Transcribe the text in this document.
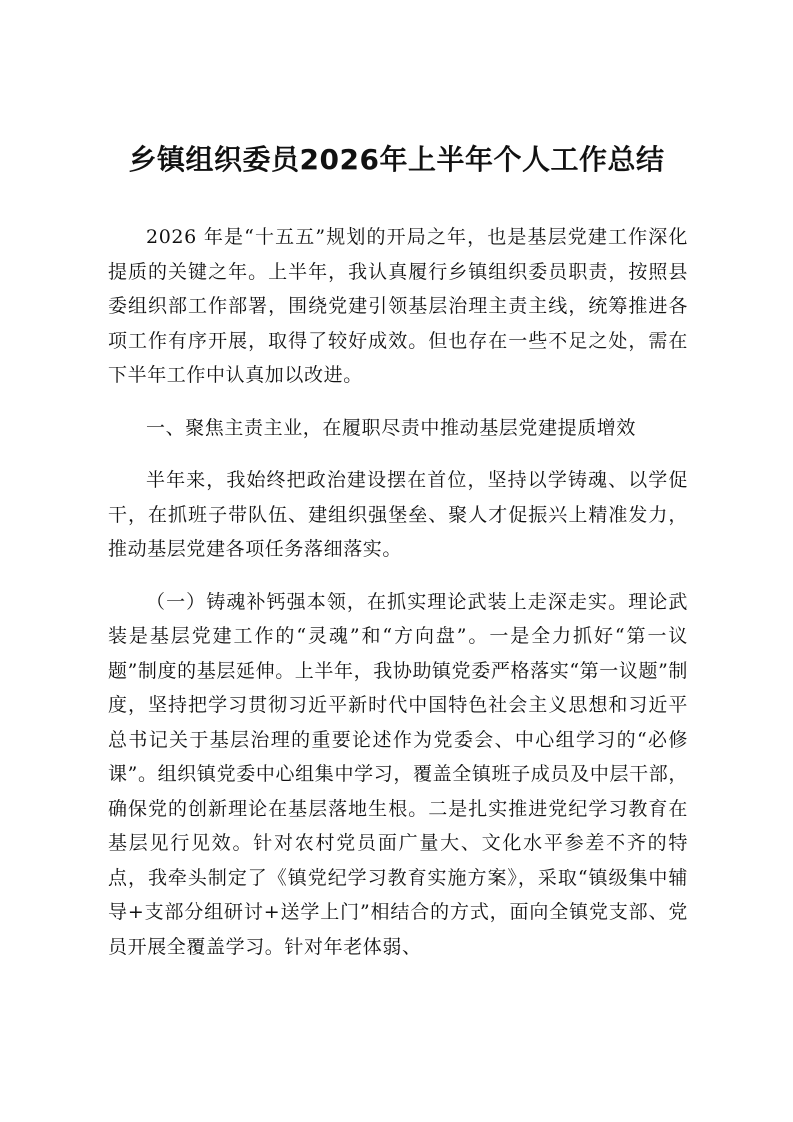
乡镇组织委员2026年上半年个人工作总结

2026 年是“十五五”规划的开局之年，也是基层党建工作深化提质的关键之年。上半年，我认真履行乡镇组织委员职责，按照县委组织部工作部署，围绕党建引领基层治理主责主线，统筹推进各项工作有序开展，取得了较好成效。但也存在一些不足之处，需在下半年工作中认真加以改进。

一、聚焦主责主业，在履职尽责中推动基层党建提质增效

半年来，我始终把政治建设摆在首位，坚持以学铸魂、以学促干，在抓班子带队伍、建组织强堡垒、聚人才促振兴上精准发力，推动基层党建各项任务落细落实。

（一）铸魂补钙强本领，在抓实理论武装上走深走实。理论武装是基层党建工作的“灵魂”和“方向盘”。一是全力抓好“第一议题”制度的基层延伸。上半年，我协助镇党委严格落实“第一议题”制度，坚持把学习贯彻习近平新时代中国特色社会主义思想和习近平总书记关于基层治理的重要论述作为党委会、中心组学习的“必修课”。组织镇党委中心组集中学习，覆盖全镇班子成员及中层干部，确保党的创新理论在基层落地生根。二是扎实推进党纪学习教育在基层见行见效。针对农村党员面广量大、文化水平参差不齐的特点，我牵头制定了《镇党纪学习教育实施方案》，采取“镇级集中辅导+支部分组研讨+送学上门”相结合的方式，面向全镇党支部、党员开展全覆盖学习。针对年老体弱、
